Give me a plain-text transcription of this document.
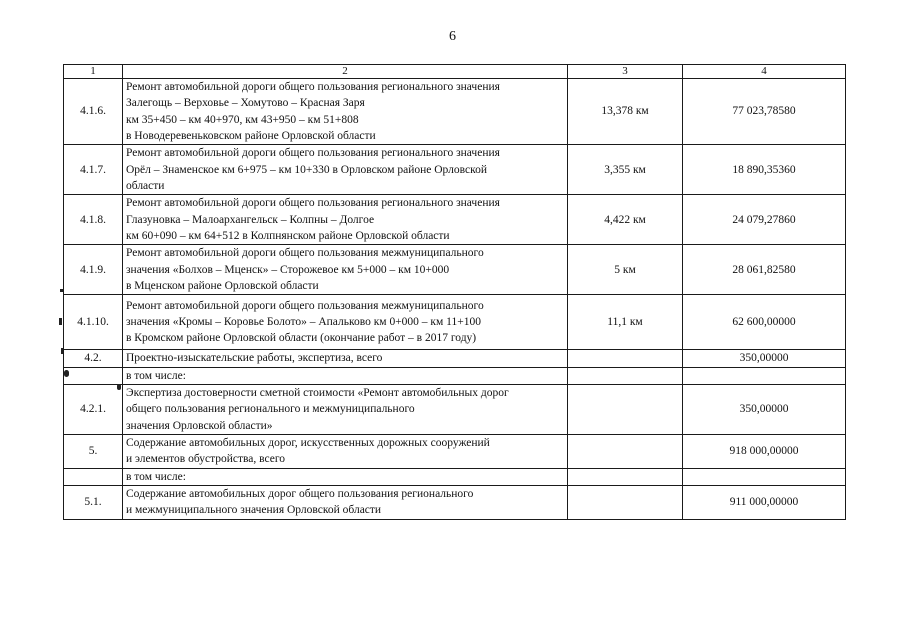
6
1	2	3	4
4.1.6.	Ремонт автомобильной дороги общего пользования регионального значения
Залегощь – Верховье – Хомутово – Красная Заря
км 35+450 – км 40+970, км 43+950 – км 51+808
в Новодеревеньковском районе Орловской области	13,378 км	77 023,78580
4.1.7.	Ремонт автомобильной дороги общего пользования регионального значения
Орёл – Знаменское км 6+975 – км 10+330 в Орловском районе Орловской
области	3,355 км	18 890,35360
4.1.8.	Ремонт автомобильной дороги общего пользования регионального значения
Глазуновка – Малоархангельск – Колпны – Долгое
км 60+090 – км 64+512 в Колпнянском районе Орловской области	4,422 км	24 079,27860
4.1.9.	Ремонт автомобильной дороги общего пользования межмуниципального
значения «Болхов – Мценск» – Сторожевое км 5+000 – км 10+000
в Мценском районе Орловской области	5 км	28 061,82580
4.1.10.	Ремонт автомобильной дороги общего пользования межмуниципального
значения «Кромы – Коровье Болото» – Апальково км 0+000 – км 11+100
в Кромском районе Орловской области (окончание работ – в 2017 году)	11,1 км	62 600,00000
4.2.	Проектно-изыскательские работы, экспертиза, всего		350,00000

	в том числе:		

4.2.1.	Экспертиза достоверности сметной стоимости «Ремонт автомобильных дорог
общего пользования регионального и межмуниципального
значения Орловской области»		350,00000
5.	Содержание автомобильных дорог, искусственных дорожных сооружений
и элементов обустройства, всего		918 000,00000

	в том числе:		

5.1.	Содержание автомобильных дорог общего пользования регионального
и межмуниципального значения Орловской области		911 000,00000
